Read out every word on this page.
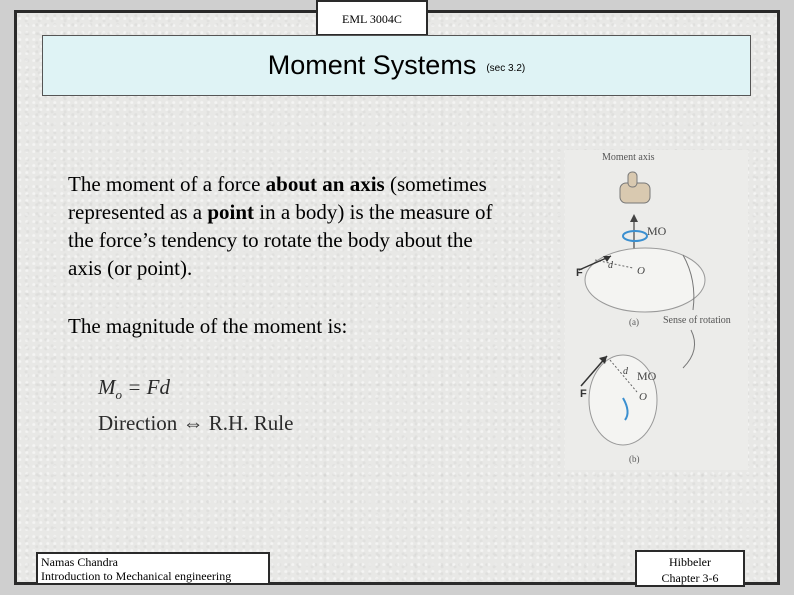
EML 3004C
Moment Systems (sec 3.2)
The moment of a force about an axis (sometimes represented as a point in a body) is the measure of the force’s tendency to rotate the body about the axis (or point).
The magnitude of the moment is:
$M_o = Fd$
Direction ⇔ R.H. Rule
Moment axis
MO
O
d
F
(a) Sense of rotation
MO
O
d
F
(b)
Namas Chandra
Introduction to Mechanical engineering
Hibbeler
Chapter 3-6
